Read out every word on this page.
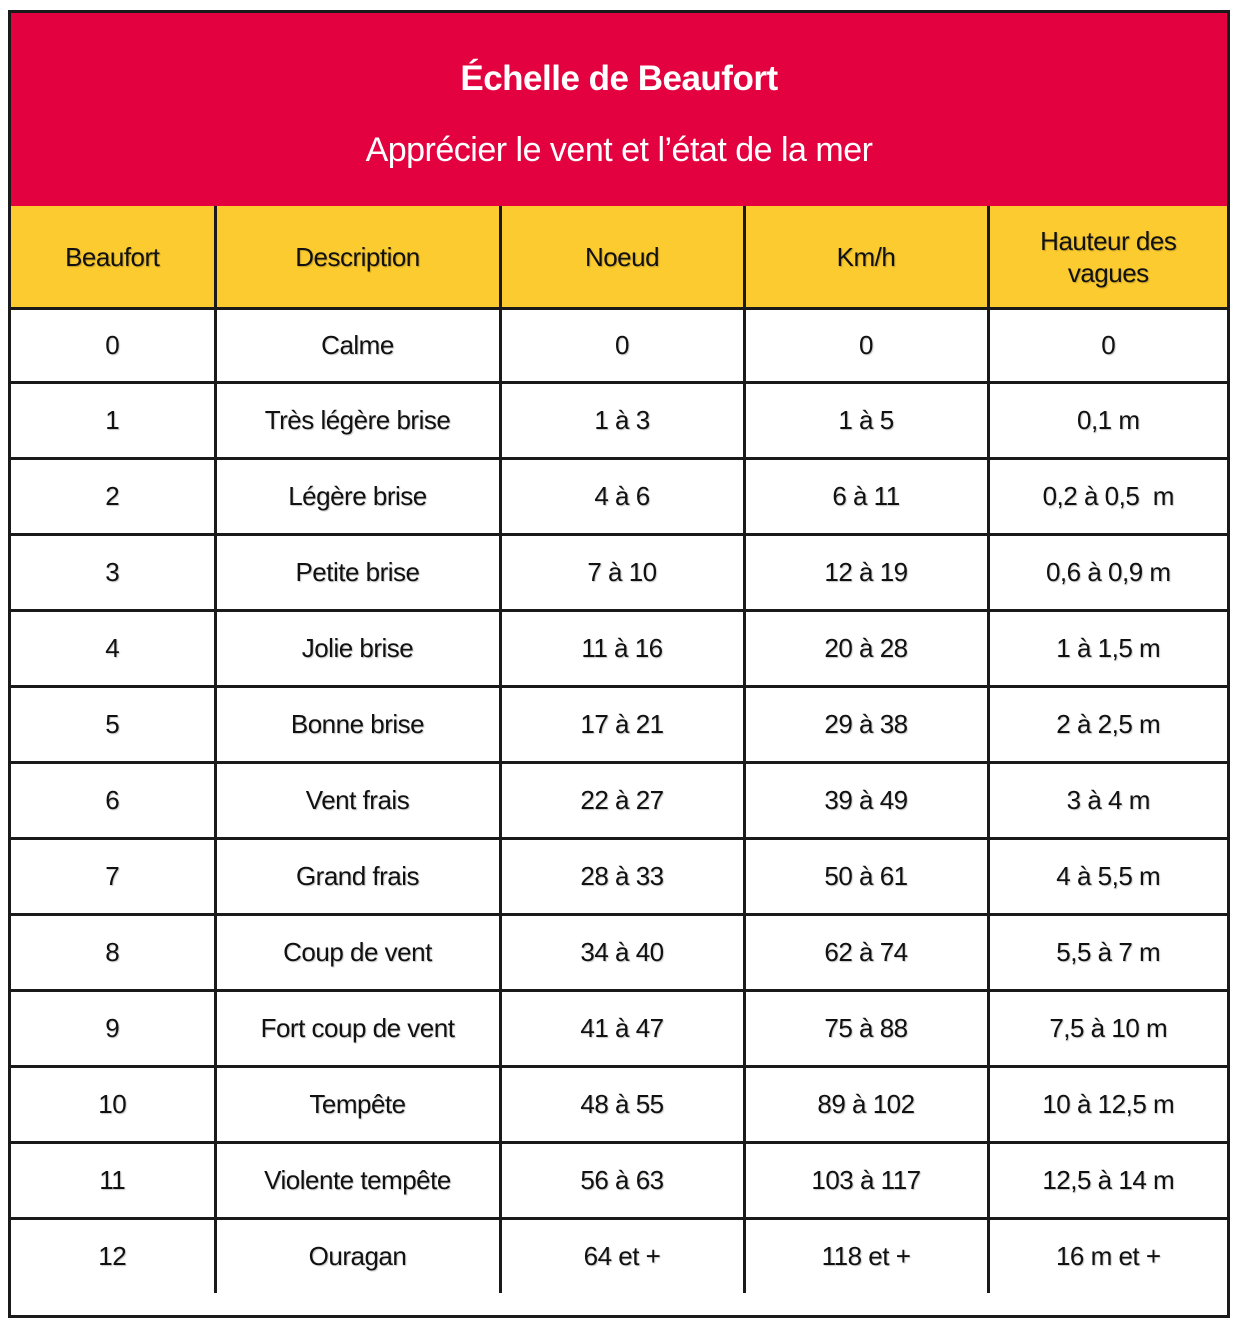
Échelle de Beaufort
Apprécier le vent et l’état de la mer
Beaufort	Description	Noeud	Km/h	Hauteur des vagues
0	Calme	0	0	0
1	Très légère brise	1 à 3	1 à 5	0,1 m
2	Légère brise	4 à 6	6 à 11	0,2 à 0,5  m
3	Petite brise	7 à 10	12 à 19	0,6 à 0,9 m
4	Jolie brise	11 à 16	20 à 28	1 à 1,5 m
5	Bonne brise	17 à 21	29 à 38	2 à 2,5 m
6	Vent frais	22 à 27	39 à 49	3 à 4 m
7	Grand frais	28 à 33	50 à 61	4 à 5,5 m
8	Coup de vent	34 à 40	62 à 74	5,5 à 7 m
9	Fort coup de vent	41 à 47	75 à 88	7,5 à 10 m
10	Tempête	48 à 55	89 à 102	10 à 12,5 m
11	Violente tempête	56 à 63	103 à 117	12,5 à 14 m
12	Ouragan	64 et +	118 et +	16 m et +
